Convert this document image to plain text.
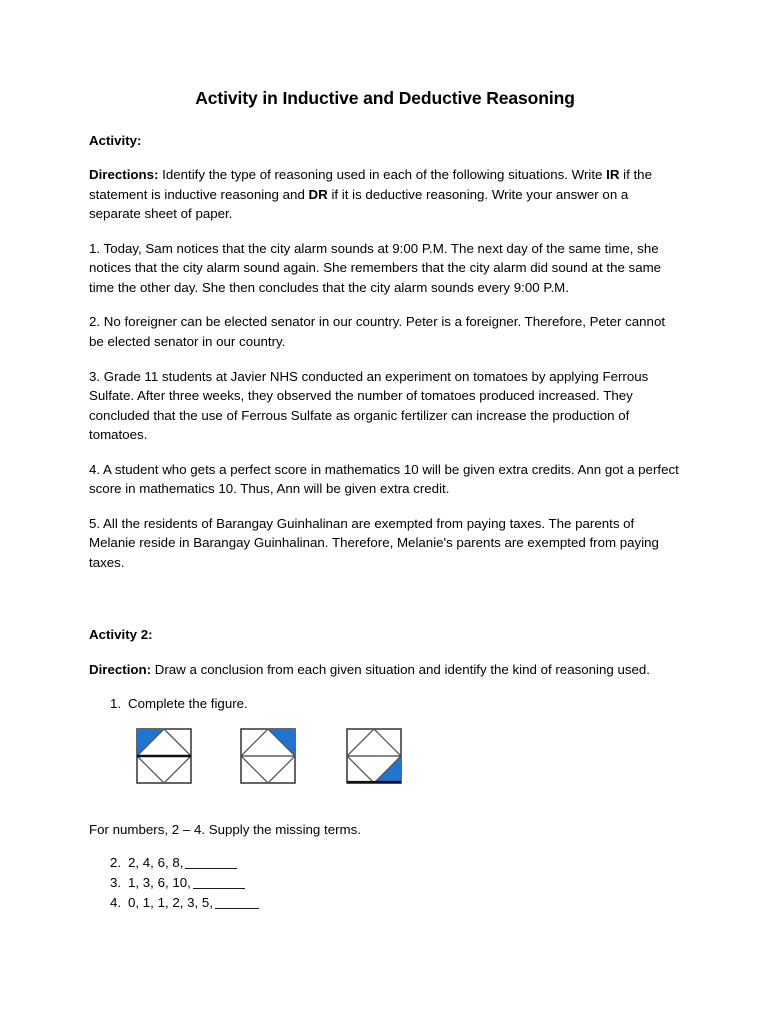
Activity in Inductive and Deductive Reasoning
Activity:

Directions: Identify the type of reasoning used in each of the following situations. Write IR if the statement is inductive reasoning and DR if it is deductive reasoning. Write your answer on a separate sheet of paper.

1. Today, Sam notices that the city alarm sounds at 9:00 P.M. The next day of the same time, she notices that the city alarm sound again. She remembers that the city alarm did sound at the same time the other day. She then concludes that the city alarm sounds every 9:00 P.M.

2. No foreigner can be elected senator in our country. Peter is a foreigner. Therefore, Peter cannot be elected senator in our country.

3. Grade 11 students at Javier NHS conducted an experiment on tomatoes by applying Ferrous Sulfate. After three weeks, they observed the number of tomatoes produced increased. They concluded that the use of Ferrous Sulfate as organic fertilizer can increase the production of tomatoes.

4. A student who gets a perfect score in mathematics 10 will be given extra credits. Ann got a perfect score in mathematics 10. Thus, Ann will be given extra credit.

5. All the residents of Barangay Guinhalinan are exempted from paying taxes. The parents of Melanie reside in Barangay Guinhalinan. Therefore, Melanie's parents are exempted from paying taxes.

Activity 2:

Direction: Draw a conclusion from each given situation and identify the kind of reasoning used.

1. Complete the figure.

For numbers, 2 – 4. Supply the missing terms.

2. 2, 4, 6, 8,
3. 1, 3, 6, 10,
4. 0, 1, 1, 2, 3, 5,
